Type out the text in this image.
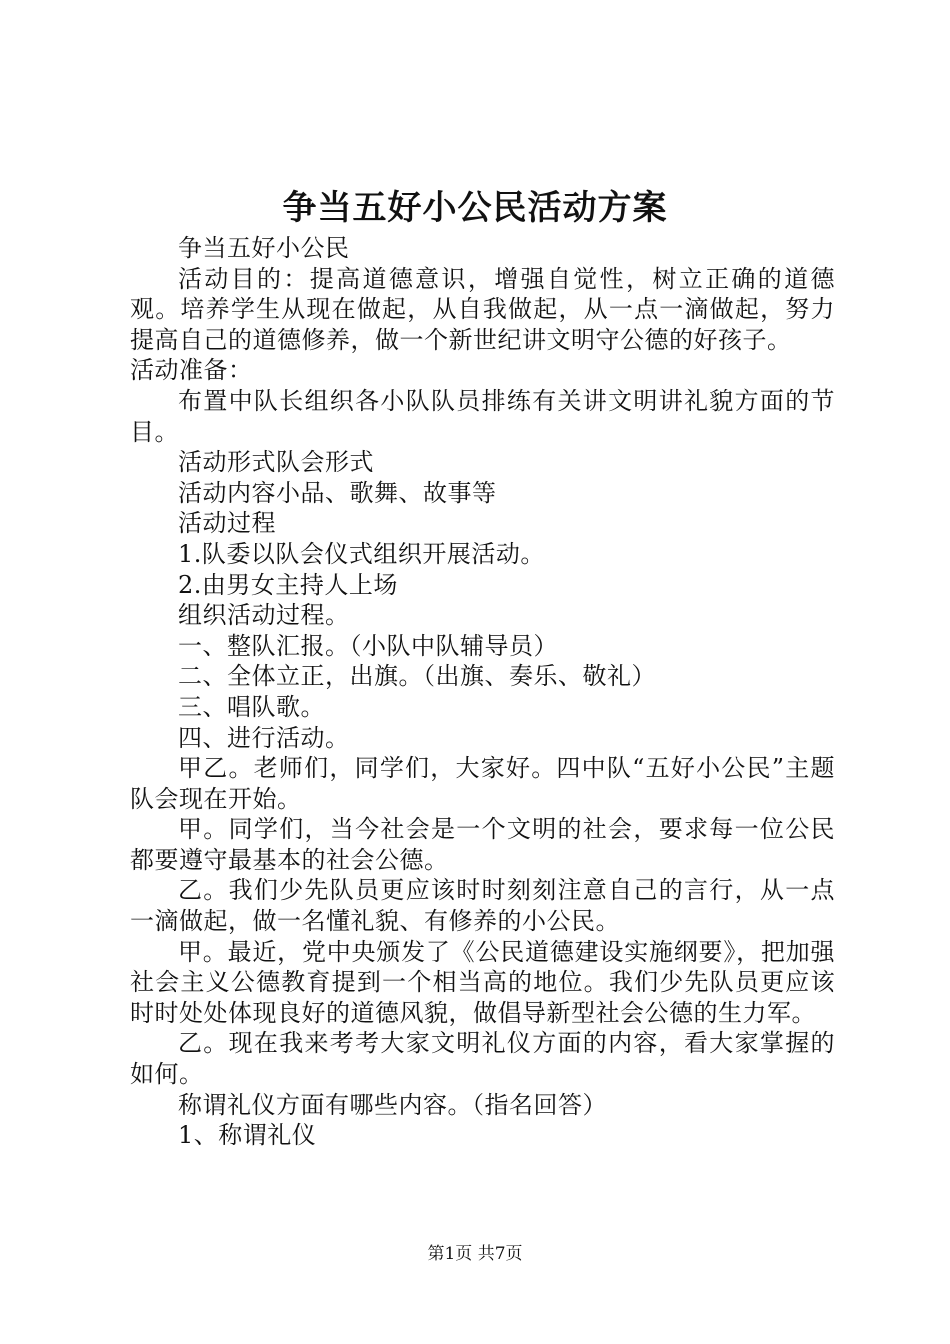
争当五好小公民活动方案

争当五好小公民

活动目的：提高道德意识，增强自觉性，树立正确的道德观。培养学生从现在做起，从自我做起，从一点一滴做起，努力提高自己的道德修养，做一个新世纪讲文明守公德的好孩子。

活动准备：

布置中队长组织各小队队员排练有关讲文明讲礼貌方面的节目。

活动形式队会形式

活动内容小品、歌舞、故事等

活动过程

1.队委以队会仪式组织开展活动。

2.由男女主持人上场

组织活动过程。

一、整队汇报。（小队中队辅导员）

二、全体立正，出旗。（出旗、奏乐、敬礼）

三、唱队歌。

四、进行活动。

甲乙。老师们，同学们，大家好。四中队“五好小公民”主题队会现在开始。

甲。同学们，当今社会是一个文明的社会，要求每一位公民都要遵守最基本的社会公德。

乙。我们少先队员更应该时时刻刻注意自己的言行，从一点一滴做起，做一名懂礼貌、有修养的小公民。

甲。最近，党中央颁发了《公民道德建设实施纲要》，把加强社会主义公德教育提到一个相当高的地位。我们少先队员更应该时时处处体现良好的道德风貌，做倡导新型社会公德的生力军。

乙。现在我来考考大家文明礼仪方面的内容，看大家掌握的如何。

称谓礼仪方面有哪些内容。（指名回答）

1、称谓礼仪

第1页 共7页
